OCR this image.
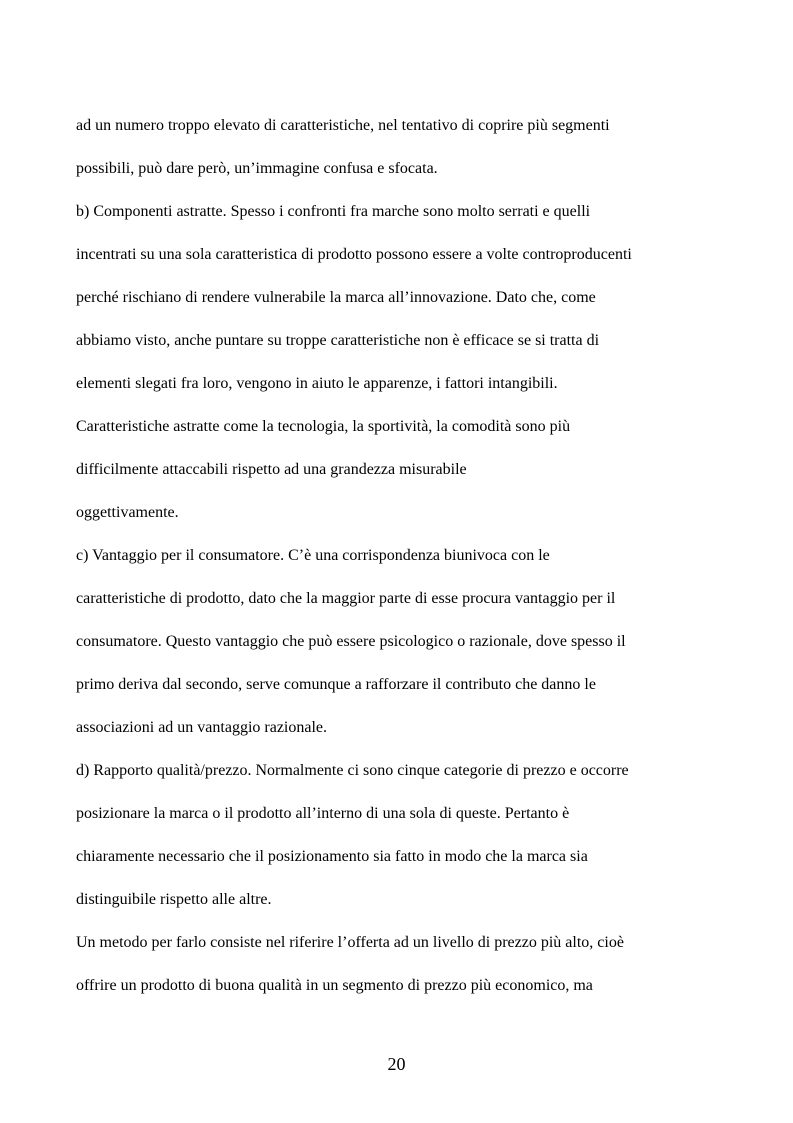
ad un numero troppo elevato di caratteristiche, nel tentativo di coprire più segmenti
possibili, può dare però, un’immagine confusa e sfocata.
b) Componenti astratte. Spesso i confronti fra marche sono molto serrati e quelli
incentrati su una sola caratteristica di prodotto possono essere a volte controproducenti
perché rischiano di rendere vulnerabile la marca all’innovazione. Dato che, come
abbiamo visto, anche puntare su troppe caratteristiche non è efficace se si tratta di
elementi slegati fra loro, vengono in aiuto le apparenze, i fattori intangibili.
Caratteristiche astratte come la tecnologia, la sportività, la comodità sono più
difficilmente attaccabili rispetto ad una grandezza misurabile
oggettivamente.
c) Vantaggio per il consumatore. C’è una corrispondenza biunivoca con le
caratteristiche di prodotto, dato che la maggior parte di esse procura vantaggio per il
consumatore. Questo vantaggio che può essere psicologico o razionale, dove spesso il
primo deriva dal secondo, serve comunque a rafforzare il contributo che danno le
associazioni ad un vantaggio razionale.
d) Rapporto qualità/prezzo. Normalmente ci sono cinque categorie di prezzo e occorre
posizionare la marca o il prodotto all’interno di una sola di queste. Pertanto è
chiaramente necessario che il posizionamento sia fatto in modo che la marca sia
distinguibile rispetto alle altre.
Un metodo per farlo consiste nel riferire l’offerta ad un livello di prezzo più alto, cioè
offrire un prodotto di buona qualità in un segmento di prezzo più economico, ma
20
